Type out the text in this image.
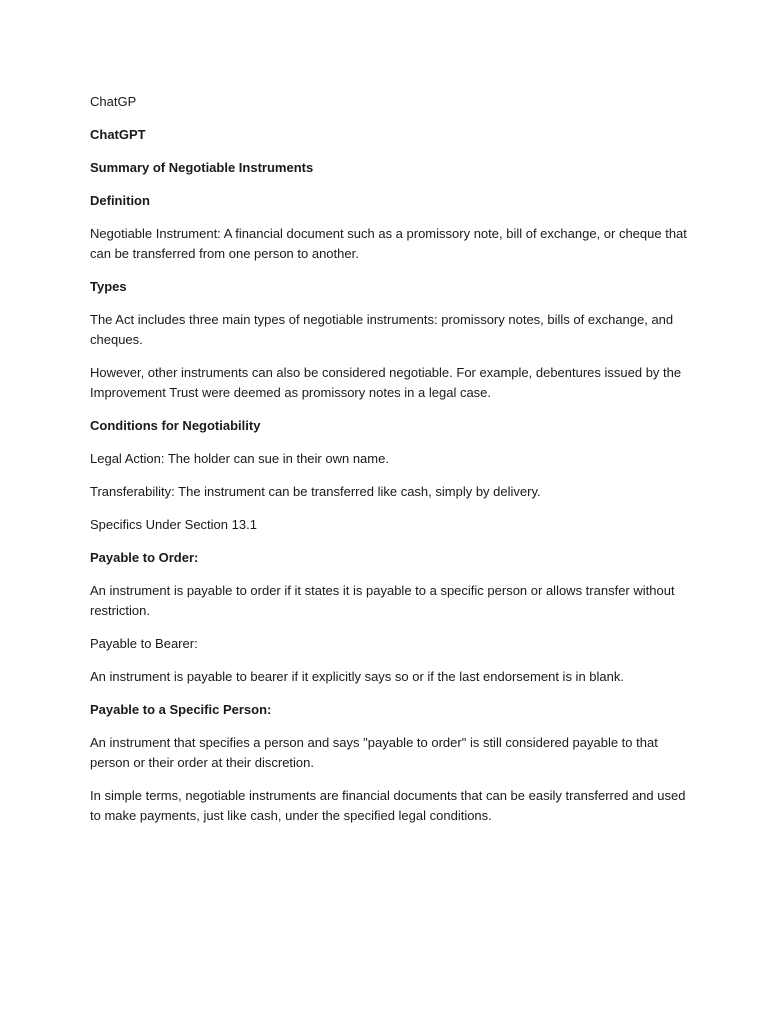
ChatGP

ChatGPT

Summary of Negotiable Instruments

Definition

Negotiable Instrument: A financial document such as a promissory note, bill of exchange, or cheque that can be transferred from one person to another.

Types

The Act includes three main types of negotiable instruments: promissory notes, bills of exchange, and cheques.

However, other instruments can also be considered negotiable. For example, debentures issued by the Improvement Trust were deemed as promissory notes in a legal case.

Conditions for Negotiability

Legal Action: The holder can sue in their own name.

Transferability: The instrument can be transferred like cash, simply by delivery.

Specifics Under Section 13.1

Payable to Order:

An instrument is payable to order if it states it is payable to a specific person or allows transfer without restriction.

Payable to Bearer:

An instrument is payable to bearer if it explicitly says so or if the last endorsement is in blank.

Payable to a Specific Person:

An instrument that specifies a person and says "payable to order" is still considered payable to that person or their order at their discretion.

In simple terms, negotiable instruments are financial documents that can be easily transferred and used to make payments, just like cash, under the specified legal conditions.
